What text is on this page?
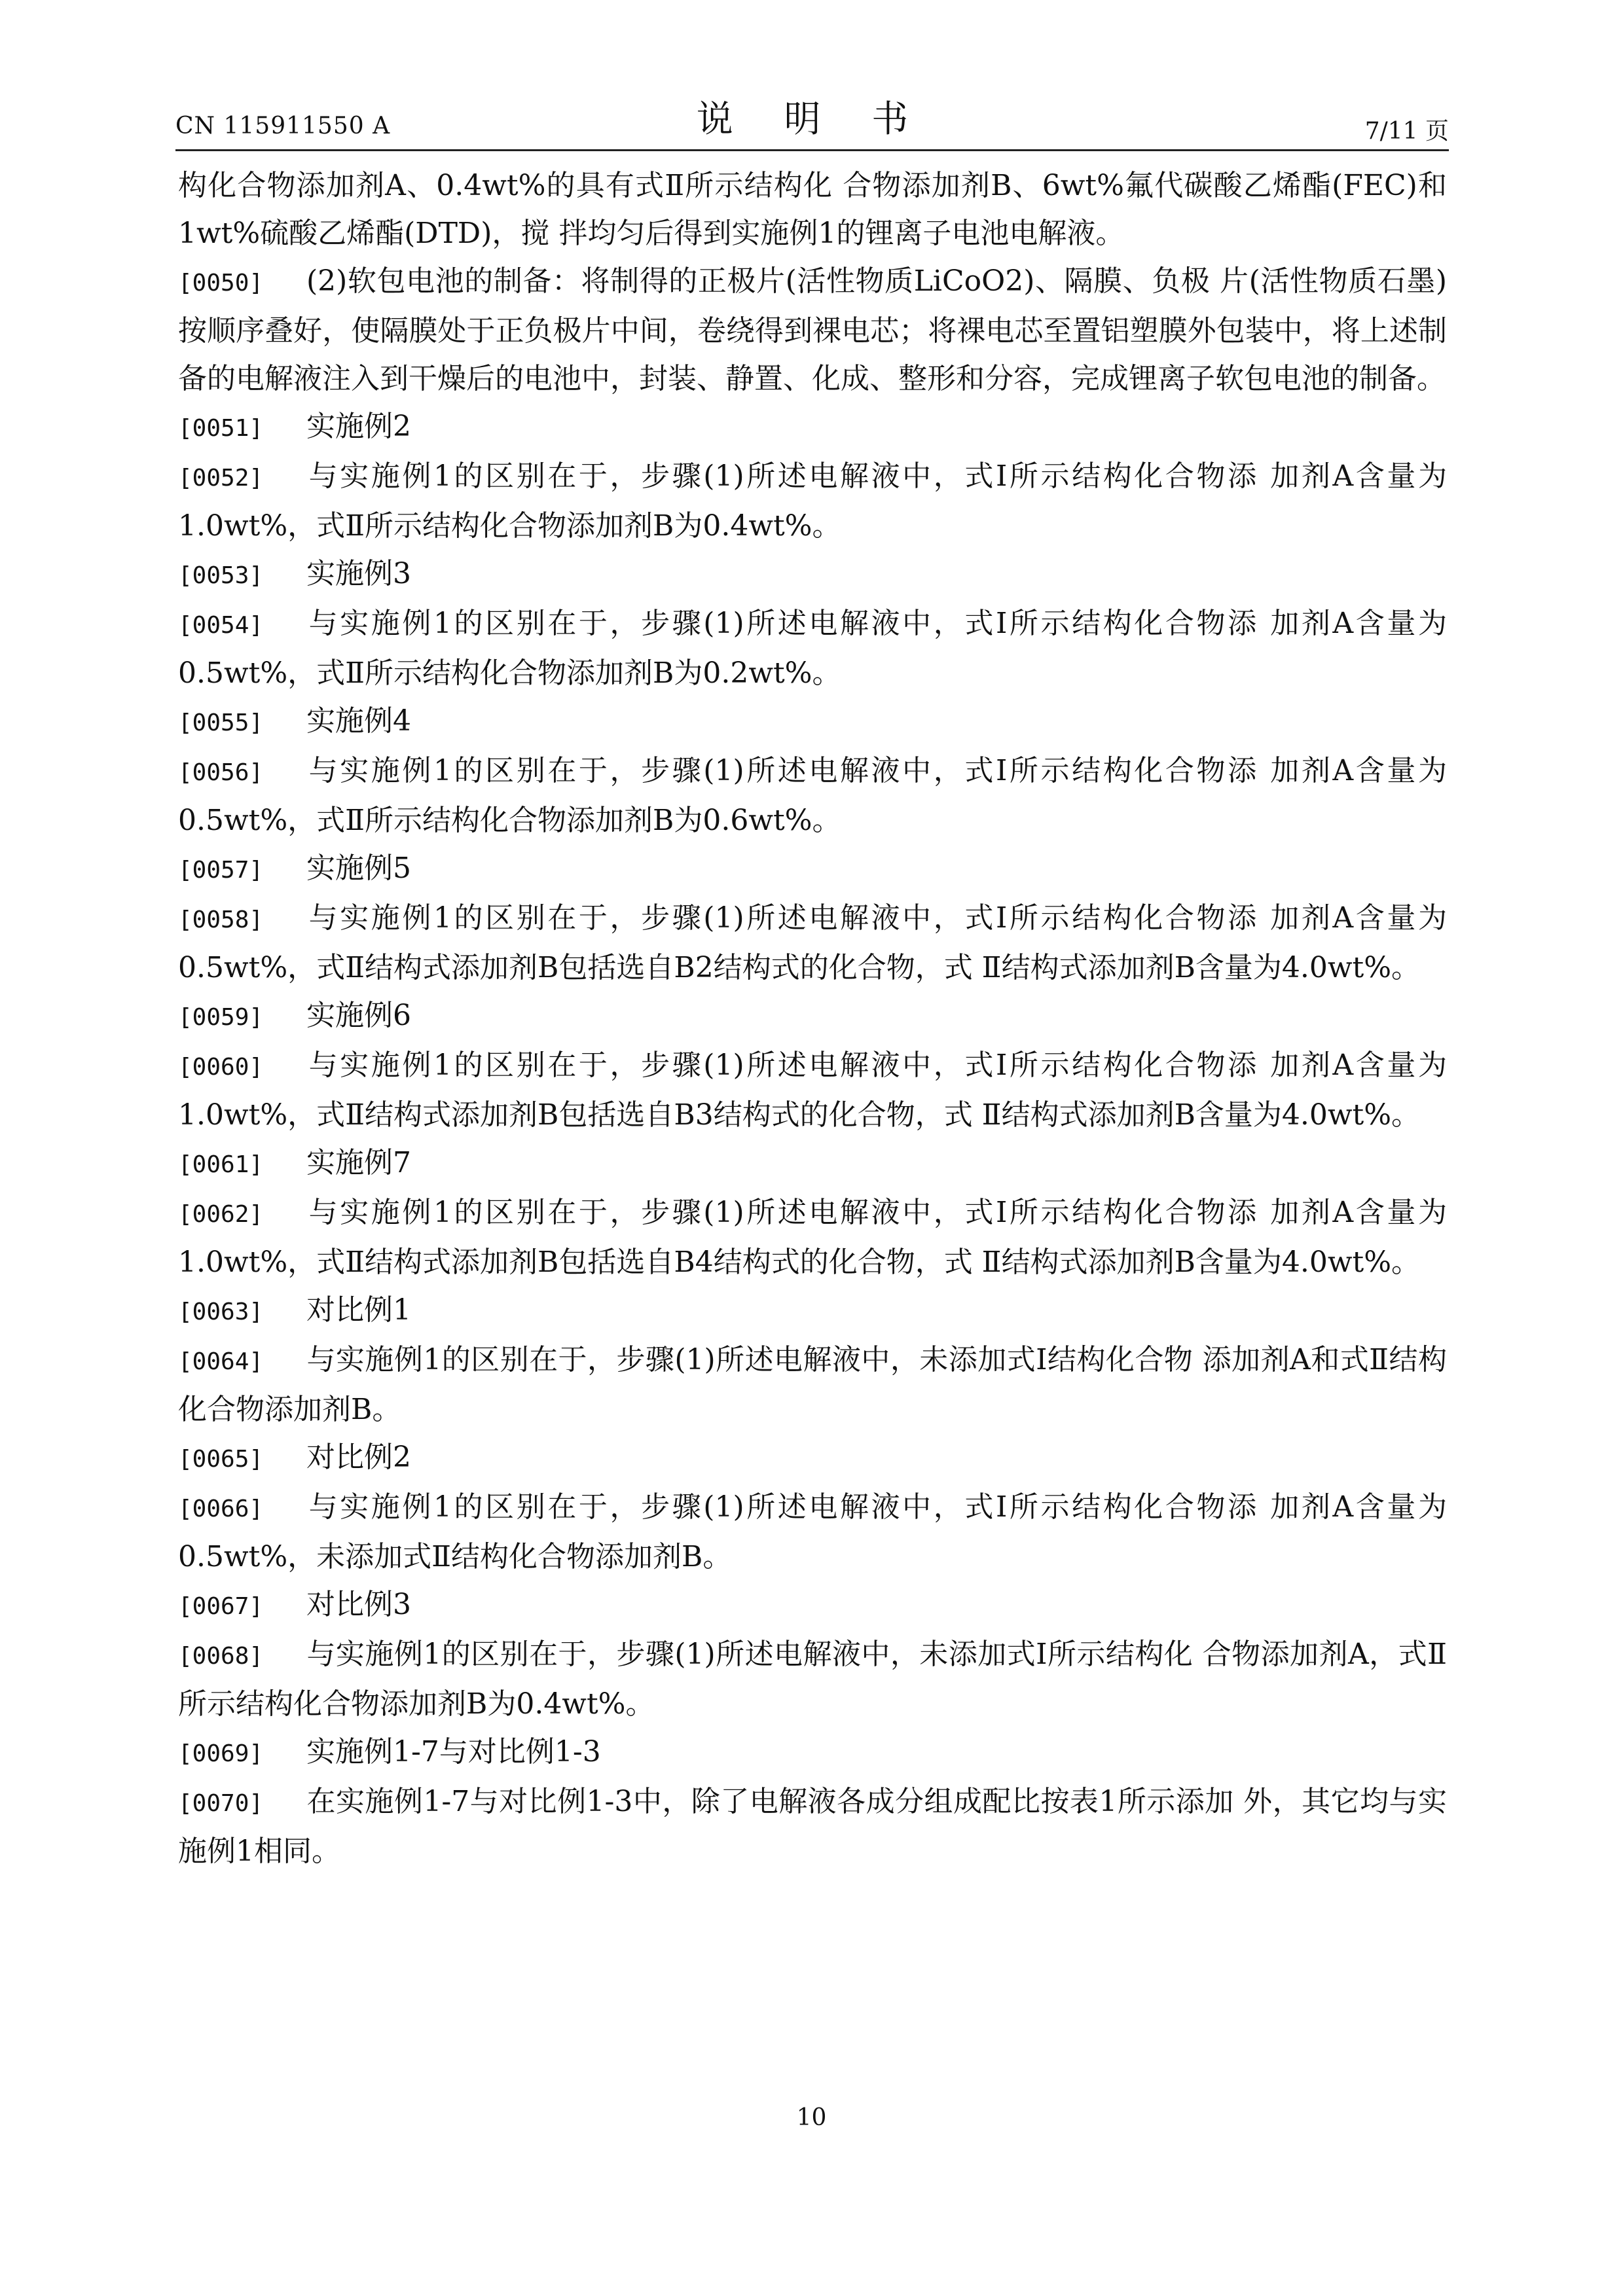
CN 115911550 A	说 明 书	7/11 页

构化合物添加剂A、0.4wt%的具有式Ⅱ所示结构化 合物添加剂B、6wt%氟代碳酸乙烯酯(FEC)和1wt%硫酸乙烯酯(DTD)，搅 拌均匀后得到实施例1的锂离子电池电解液。

[0050] (2)软包电池的制备：将制得的正极片(活性物质LiCoO2)、隔膜、负极 片(活性物质石墨)按顺序叠好，使隔膜处于正负极片中间，卷绕得到裸电芯；将裸电芯至置铝塑膜外包装中，将上述制备的电解液注入到干燥后的电池中，封装、静置、化成、整形和分容，完成锂离子软包电池的制备。

[0051] 实施例2

[0052] 与实施例1的区别在于，步骤(1)所述电解液中，式I所示结构化合物添 加剂A含量为1.0wt%，式Ⅱ所示结构化合物添加剂B为0.4wt%。

[0053] 实施例3

[0054] 与实施例1的区别在于，步骤(1)所述电解液中，式I所示结构化合物添 加剂A含量为0.5wt%，式Ⅱ所示结构化合物添加剂B为0.2wt%。

[0055] 实施例4

[0056] 与实施例1的区别在于，步骤(1)所述电解液中，式I所示结构化合物添 加剂A含量为0.5wt%，式Ⅱ所示结构化合物添加剂B为0.6wt%。

[0057] 实施例5

[0058] 与实施例1的区别在于，步骤(1)所述电解液中，式I所示结构化合物添 加剂A含量为0.5wt%，式Ⅱ结构式添加剂B包括选自B2结构式的化合物，式 Ⅱ结构式添加剂B含量为4.0wt%。

[0059] 实施例6

[0060] 与实施例1的区别在于，步骤(1)所述电解液中，式I所示结构化合物添 加剂A含量为1.0wt%，式Ⅱ结构式添加剂B包括选自B3结构式的化合物，式 Ⅱ结构式添加剂B含量为4.0wt%。

[0061] 实施例7

[0062] 与实施例1的区别在于，步骤(1)所述电解液中，式I所示结构化合物添 加剂A含量为1.0wt%，式Ⅱ结构式添加剂B包括选自B4结构式的化合物，式 Ⅱ结构式添加剂B含量为4.0wt%。

[0063] 对比例1

[0064] 与实施例1的区别在于，步骤(1)所述电解液中，未添加式I结构化合物 添加剂A和式Ⅱ结构化合物添加剂B。

[0065] 对比例2

[0066] 与实施例1的区别在于，步骤(1)所述电解液中，式I所示结构化合物添 加剂A含量为0.5wt%，未添加式Ⅱ结构化合物添加剂B。

[0067] 对比例3

[0068] 与实施例1的区别在于，步骤(1)所述电解液中，未添加式I所示结构化 合物添加剂A，式Ⅱ所示结构化合物添加剂B为0.4wt%。

[0069] 实施例1-7与对比例1-3

[0070] 在实施例1-7与对比例1-3中，除了电解液各成分组成配比按表1所示添加 外，其它均与实施例1相同。

10
